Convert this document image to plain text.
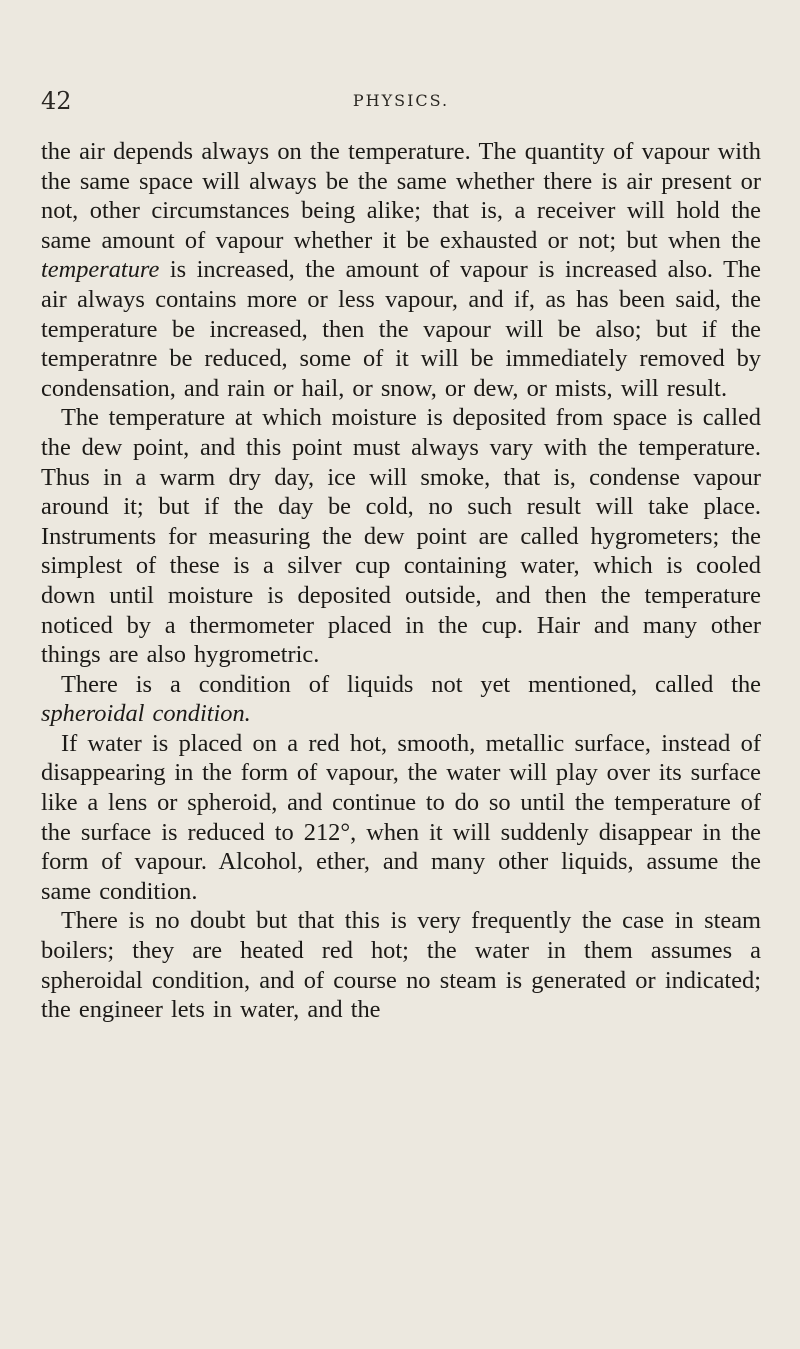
42	PHYSICS.

the air depends always on the temperature. The quantity of vapour with the same space will always be the same whether there is air present or not, other circumstances being alike; that is, a receiver will hold the same amount of vapour whether it be exhausted or not; but when the temperature is increased, the amount of vapour is increased also. The air always contains more or less vapour, and if, as has been said, the temperature be increased, then the vapour will be also; but if the temperatnre be reduced, some of it will be immediately removed by condensation, and rain or hail, or snow, or dew, or mists, will result.

The temperature at which moisture is deposited from space is called the dew point, and this point must always vary with the temperature. Thus in a warm dry day, ice will smoke, that is, condense vapour around it; but if the day be cold, no such result will take place. Instruments for measuring the dew point are called hygrometers; the simplest of these is a silver cup containing water, which is cooled down until moisture is deposited outside, and then the temperature noticed by a thermometer placed in the cup. Hair and many other things are also hygrometric.

There is a condition of liquids not yet mentioned, called the spheroidal condition.

If water is placed on a red hot, smooth, metallic surface, instead of disappearing in the form of vapour, the water will play over its surface like a lens or spheroid, and continue to do so until the temperature of the surface is reduced to 212°, when it will suddenly disappear in the form of vapour. Alcohol, ether, and many other liquids, assume the same condition.

There is no doubt but that this is very frequently the case in steam boilers; they are heated red hot; the water in them assumes a spheroidal condition, and of course no steam is generated or indicated; the engineer lets in water, and the
